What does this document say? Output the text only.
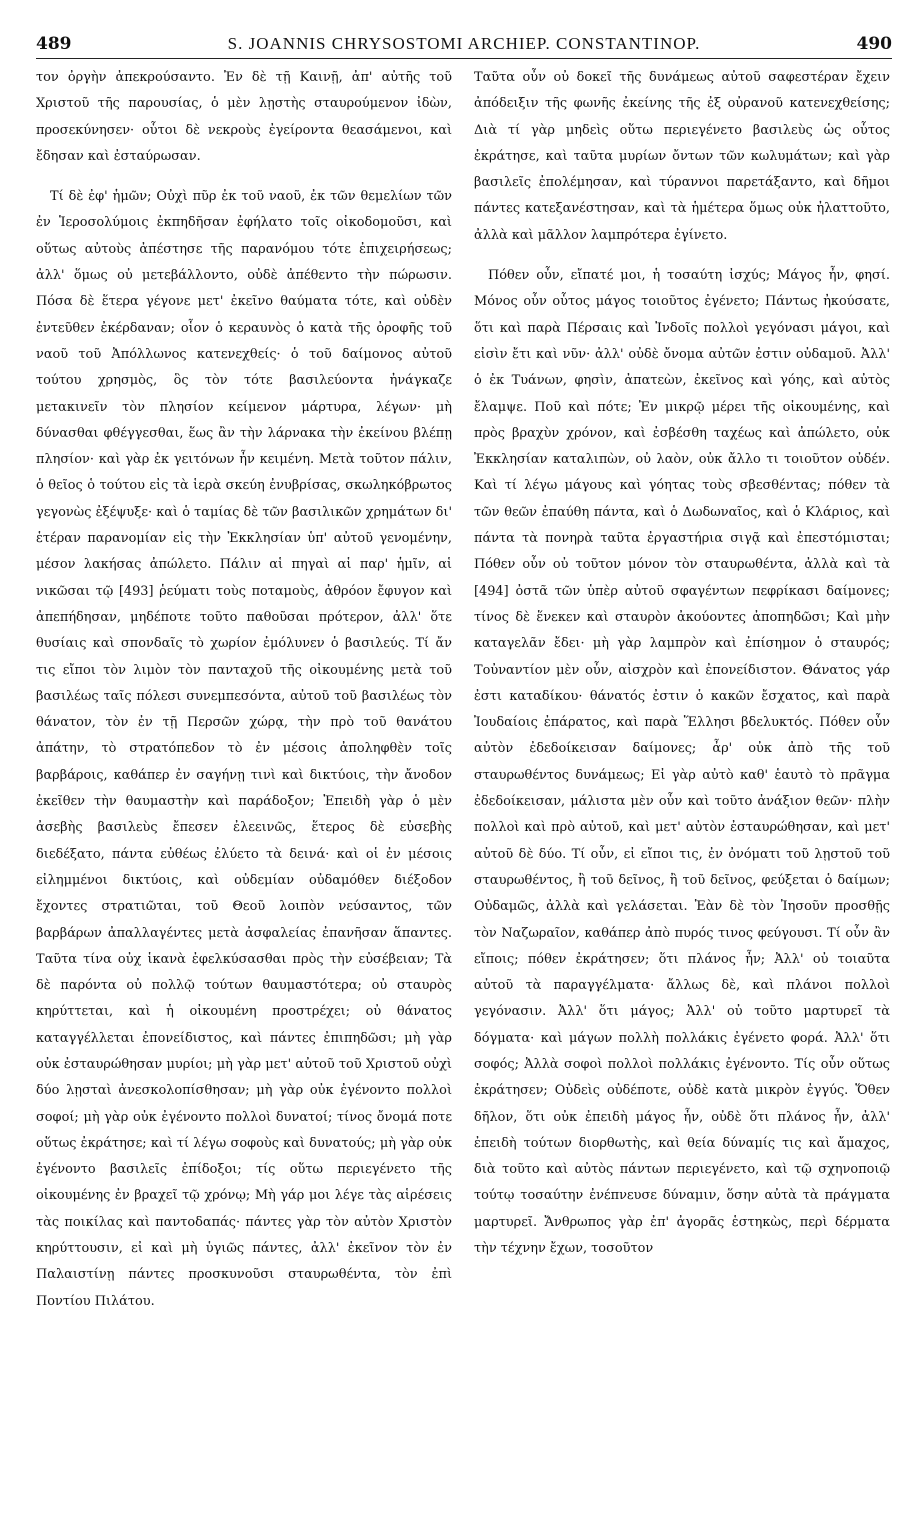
489	S. JOANNIS CHRYSOSTOMI ARCHIEP. CONSTANTINOP.	490

τον ὀργὴν ἀπεκρούσαντο. Ἐν δὲ τῇ Καινῇ, ἀπ' αὐτῆς τοῦ Χριστοῦ τῆς παρουσίας, ὁ μὲν λῃστὴς σταυρούμενον ἰδὼν, προσεκύνησεν· οὗτοι δὲ νεκροὺς ἐγείροντα θεασάμενοι, καὶ ἔδησαν καὶ ἐσταύρωσαν.

Τί δὲ ἐφ' ἡμῶν; Οὐχὶ πῦρ ἐκ τοῦ ναοῦ, ἐκ τῶν θεμελίων τῶν ἐν Ἱεροσολύμοις ἐκπηδῆσαν ἐφήλατο τοῖς οἰκοδομοῦσι, καὶ οὕτως αὐτοὺς ἀπέστησε τῆς παρανόμου τότε ἐπιχειρήσεως; ἀλλ' ὅμως οὐ μετεβάλλοντο, οὐδὲ ἀπέθεντο τὴν πώρωσιν. Πόσα δὲ ἕτερα γέγονε μετ' ἐκεῖνο θαύματα τότε, καὶ οὐδὲν ἐντεῦθεν ἐκέρδαναν; οἷον ὁ κεραυνὸς ὁ κατὰ τῆς ὀροφῆς τοῦ ναοῦ τοῦ Ἀπόλλωνος κατενεχθείς· ὁ τοῦ δαίμονος αὐτοῦ τούτου χρησμὸς, ὃς τὸν τότε βασιλεύοντα ἠνάγκαζε μετακινεῖν τὸν πλησίον κείμενον μάρτυρα, λέγων· μὴ δύνασθαι φθέγγεσθαι, ἕως ἂν τὴν λάρνακα τὴν ἐκείνου βλέπῃ πλησίον· καὶ γὰρ ἐκ γειτόνων ἦν κειμένη. Μετὰ τοῦτον πάλιν, ὁ θεῖος ὁ τούτου εἰς τὰ ἱερὰ σκεύη ἐνυβρίσας, σκωληκόβρωτος γεγονὼς ἐξέψυξε· καὶ ὁ ταμίας δὲ τῶν βασιλικῶν χρημάτων δι' ἑτέραν παρανομίαν εἰς τὴν Ἐκκλησίαν ὑπ' αὐτοῦ γενομένην, μέσον λακήσας ἀπώλετο. Πάλιν αἱ πηγαὶ αἱ παρ' ἡμῖν, αἱ νικῶσαι τῷ [493] ῥεύματι τοὺς ποταμοὺς, ἀθρόον ἔφυγον καὶ ἀπεπήδησαν, μηδέποτε τοῦτο παθοῦσαι πρότερον, ἀλλ' ὅτε θυσίαις καὶ σπονδαῖς τὸ χωρίον ἐμόλυνεν ὁ βασιλεύς. Τί ἄν τις εἴποι τὸν λιμὸν τὸν πανταχοῦ τῆς οἰκουμένης μετὰ τοῦ βασιλέως ταῖς πόλεσι συνεμπεσόντα, αὐτοῦ τοῦ βασιλέως τὸν θάνατον, τὸν ἐν τῇ Περσῶν χώρᾳ, τὴν πρὸ τοῦ θανάτου ἀπάτην, τὸ στρατόπεδον τὸ ἐν μέσοις ἀποληφθὲν τοῖς βαρβάροις, καθάπερ ἐν σαγήνῃ τινὶ καὶ δικτύοις, τὴν ἄνοδον ἐκεῖθεν τὴν θαυμαστὴν καὶ παράδοξον; Ἐπειδὴ γὰρ ὁ μὲν ἀσεβὴς βασιλεὺς ἔπεσεν ἐλεεινῶς, ἕτερος δὲ εὐσεβὴς διεδέξατο, πάντα εὐθέως ἐλύετο τὰ δεινά· καὶ οἱ ἐν μέσοις εἰλημμένοι δικτύοις, καὶ οὐδεμίαν οὐδαμόθεν διέξοδον ἔχοντες στρατιῶται, τοῦ Θεοῦ λοιπὸν νεύσαντος, τῶν βαρβάρων ἀπαλλαγέντες μετὰ ἀσφαλείας ἐπανῆσαν ἅπαντες. Ταῦτα τίνα οὐχ ἱκανὰ ἐφελκύσασθαι πρὸς τὴν εὐσέβειαν; Τὰ δὲ παρόντα οὐ πολλῷ τούτων θαυμαστότερα; οὐ σταυρὸς κηρύττεται, καὶ ἡ οἰκουμένη προστρέχει; οὐ θάνατος καταγγέλλεται ἐπονείδιστος, καὶ πάντες ἐπιπηδῶσι; μὴ γὰρ οὐκ ἐσταυρώθησαν μυρίοι; μὴ γὰρ μετ' αὐτοῦ τοῦ Χριστοῦ οὐχὶ δύο λῃσταὶ ἀνεσκολοπίσθησαν; μὴ γὰρ οὐκ ἐγένοντο πολλοὶ σοφοί; μὴ γὰρ οὐκ ἐγένοντο πολλοὶ δυνατοί; τίνος ὄνομά ποτε οὕτως ἐκράτησε; καὶ τί λέγω σοφοὺς καὶ δυνατούς; μὴ γὰρ οὐκ ἐγένοντο βασιλεῖς ἐπίδοξοι; τίς οὕτω περιεγένετο τῆς οἰκουμένης ἐν βραχεῖ τῷ χρόνῳ; Μὴ γάρ μοι λέγε τὰς αἱρέσεις τὰς ποικίλας καὶ παντοδαπάς· πάντες γὰρ τὸν αὐτὸν Χριστὸν κηρύττουσιν, εἰ καὶ μὴ ὑγιῶς πάντες, ἀλλ' ἐκεῖνον τὸν ἐν Παλαιστίνῃ πάντες προσκυνοῦσι σταυρωθέντα, τὸν ἐπὶ Ποντίου Πιλάτου.

Ταῦτα οὖν οὐ δοκεῖ τῆς δυνάμεως αὐτοῦ σαφεστέραν ἔχειν ἀπόδειξιν τῆς φωνῆς ἐκείνης τῆς ἐξ οὐρανοῦ κατενεχθείσης; Διὰ τί γὰρ μηδεὶς οὕτω περιεγένετο βασιλεὺς ὡς οὗτος ἐκράτησε, καὶ ταῦτα μυρίων ὄντων τῶν κωλυμάτων; καὶ γὰρ βασιλεῖς ἐπολέμησαν, καὶ τύραννοι παρετάξαντο, καὶ δῆμοι πάντες κατεξανέστησαν, καὶ τὰ ἡμέτερα ὅμως οὐκ ἠλαττοῦτο, ἀλλὰ καὶ μᾶλλον λαμπρότερα ἐγίνετο.

Πόθεν οὖν, εἴπατέ μοι, ἡ τοσαύτη ἰσχύς; Μάγος ἦν, φησί. Μόνος οὖν οὗτος μάγος τοιοῦτος ἐγένετο; Πάντως ἠκούσατε, ὅτι καὶ παρὰ Πέρσαις καὶ Ἰνδοῖς πολλοὶ γεγόνασι μάγοι, καὶ εἰσὶν ἔτι καὶ νῦν· ἀλλ' οὐδὲ ὄνομα αὐτῶν ἐστιν οὐδαμοῦ. Ἀλλ' ὁ ἐκ Τυάνων, φησὶν, ἀπατεὼν, ἐκεῖνος καὶ γόης, καὶ αὐτὸς ἔλαμψε. Ποῦ καὶ πότε; Ἐν μικρῷ μέρει τῆς οἰκουμένης, καὶ πρὸς βραχὺν χρόνον, καὶ ἐσβέσθη ταχέως καὶ ἀπώλετο, οὐκ Ἐκκλησίαν καταλιπὼν, οὐ λαὸν, οὐκ ἄλλο τι τοιοῦτον οὐδέν. Καὶ τί λέγω μάγους καὶ γόητας τοὺς σβεσθέντας; πόθεν τὰ τῶν θεῶν ἐπαύθη πάντα, καὶ ὁ Δωδωναῖος, καὶ ὁ Κλάριος, καὶ πάντα τὰ πονηρὰ ταῦτα ἐργαστήρια σιγᾷ καὶ ἐπεστόμισται; Πόθεν οὖν οὐ τοῦτον μόνον τὸν σταυρωθέντα, ἀλλὰ καὶ τὰ [494] ὀστᾶ τῶν ὑπὲρ αὐτοῦ σφαγέντων πεφρίκασι δαίμονες; τίνος δὲ ἕνεκεν καὶ σταυρὸν ἀκούοντες ἀποπηδῶσι; Καὶ μὴν καταγελᾶν ἔδει· μὴ γὰρ λαμπρὸν καὶ ἐπίσημον ὁ σταυρός; Τοὐναντίον μὲν οὖν, αἰσχρὸν καὶ ἐπονείδιστον. Θάνατος γάρ ἐστι καταδίκου· θάνατός ἐστιν ὁ κακῶν ἔσχατος, καὶ παρὰ Ἰουδαίοις ἐπάρατος, καὶ παρὰ Ἕλλησι βδελυκτός. Πόθεν οὖν αὐτὸν ἐδεδοίκεισαν δαίμονες; ἆρ' οὐκ ἀπὸ τῆς τοῦ σταυρωθέντος δυνάμεως; Εἰ γὰρ αὐτὸ καθ' ἑαυτὸ τὸ πρᾶγμα ἐδεδοίκεισαν, μάλιστα μὲν οὖν καὶ τοῦτο ἀνάξιον θεῶν· πλὴν πολλοὶ καὶ πρὸ αὐτοῦ, καὶ μετ' αὐτὸν ἐσταυρώθησαν, καὶ μετ' αὐτοῦ δὲ δύο. Τί οὖν, εἰ εἴποι τις, ἐν ὀνόματι τοῦ λῃστοῦ τοῦ σταυρωθέντος, ἢ τοῦ δεῖνος, ἢ τοῦ δεῖνος, φεύξεται ὁ δαίμων; Οὐδαμῶς, ἀλλὰ καὶ γελάσεται. Ἐὰν δὲ τὸν Ἰησοῦν προσθῇς τὸν Ναζωραῖον, καθάπερ ἀπὸ πυρός τινος φεύγουσι. Τί οὖν ἂν εἴποις; πόθεν ἐκράτησεν; ὅτι πλάνος ἦν; Ἀλλ' οὐ τοιαῦτα αὐτοῦ τὰ παραγγέλματα· ἄλλως δὲ, καὶ πλάνοι πολλοὶ γεγόνασιν. Ἀλλ' ὅτι μάγος; Ἀλλ' οὐ τοῦτο μαρτυρεῖ τὰ δόγματα· καὶ μάγων πολλὴ πολλάκις ἐγένετο φορά. Ἀλλ' ὅτι σοφός; Ἀλλὰ σοφοὶ πολλοὶ πολλάκις ἐγένοντο. Τίς οὖν οὕτως ἐκράτησεν; Οὐδεὶς οὐδέποτε, οὐδὲ κατὰ μικρὸν ἐγγύς. Ὅθεν δῆλον, ὅτι οὐκ ἐπειδὴ μάγος ἦν, οὐδὲ ὅτι πλάνος ἦν, ἀλλ' ἐπειδὴ τούτων διορθωτὴς, καὶ θεία δύναμίς τις καὶ ἄμαχος, διὰ τοῦτο καὶ αὐτὸς πάντων περιεγένετο, καὶ τῷ σχηνοποιῷ τούτῳ τοσαύτην ἐνέπνευσε δύναμιν, ὅσην αὐτὰ τὰ πράγματα μαρτυρεῖ. Ἄνθρωπος γὰρ ἐπ' ἀγορᾶς ἑστηκὼς, περὶ δέρματα τὴν τέχνην ἔχων, τοσοῦτον
